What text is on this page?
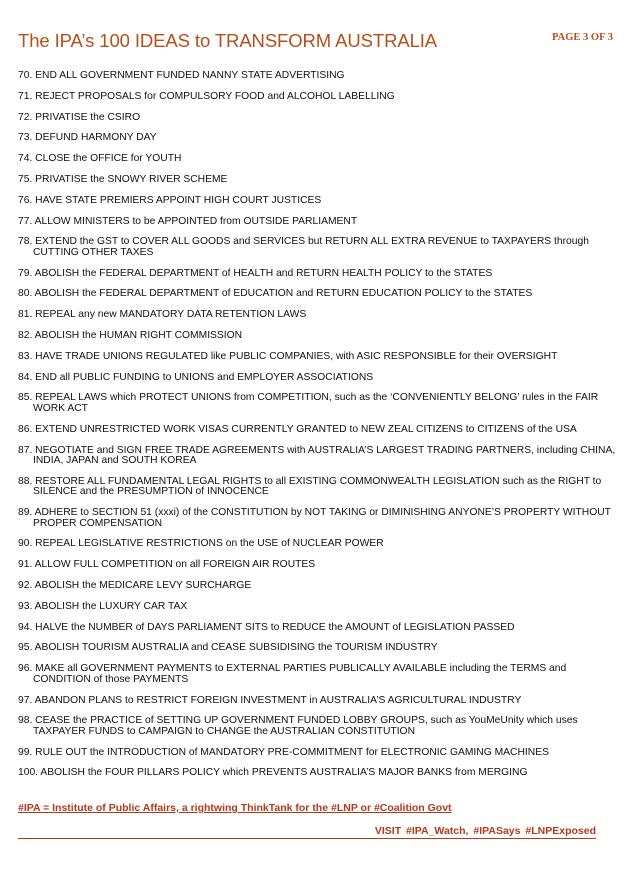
The IPA’s 100 IDEAS to TRANSFORM AUSTRALIA	PAGE 3 OF 3
70. END ALL GOVERNMENT FUNDED NANNY STATE ADVERTISING
71. REJECT PROPOSALS for COMPULSORY FOOD and ALCOHOL LABELLING
72. PRIVATISE the CSIRO
73. DEFUND HARMONY DAY
74. CLOSE the OFFICE for YOUTH
75. PRIVATISE the SNOWY RIVER SCHEME
76. HAVE STATE PREMIERS APPOINT HIGH COURT JUSTICES
77. ALLOW MINISTERS to be APPOINTED from OUTSIDE PARLIAMENT
78. EXTEND the GST to COVER ALL GOODS and SERVICES but RETURN ALL EXTRA REVENUE to TAXPAYERS through CUTTING OTHER TAXES
79. ABOLISH the FEDERAL DEPARTMENT of HEALTH and RETURN HEALTH POLICY to the STATES
80. ABOLISH the FEDERAL DEPARTMENT of EDUCATION and RETURN EDUCATION POLICY to the STATES
81. REPEAL any new MANDATORY DATA RETENTION LAWS
82. ABOLISH the HUMAN RIGHT COMMISSION
83. HAVE TRADE UNIONS REGULATED like PUBLIC COMPANIES, with ASIC RESPONSIBLE for their OVERSIGHT
84. END all PUBLIC FUNDING to UNIONS and EMPLOYER ASSOCIATIONS
85. REPEAL LAWS which PROTECT UNIONS from COMPETITION, such as the ‘CONVENIENTLY BELONG’ rules in the FAIR WORK ACT
86. EXTEND UNRESTRICTED WORK VISAS CURRENTLY GRANTED to NEW ZEAL CITIZENS to CITIZENS of the USA
87. NEGOTIATE and SIGN FREE TRADE AGREEMENTS with AUSTRALIA’S LARGEST TRADING PARTNERS, including CHINA, INDIA, JAPAN and SOUTH KOREA
88. RESTORE ALL FUNDAMENTAL LEGAL RIGHTS to all EXISTING COMMONWEALTH LEGISLATION such as the RIGHT to SILENCE and the PRESUMPTION of INNOCENCE
89. ADHERE to SECTION 51 (xxxi) of the CONSTITUTION by NOT TAKING or DIMINISHING ANYONE’S PROPERTY WITHOUT PROPER COMPENSATION
90. REPEAL LEGISLATIVE RESTRICTIONS on the USE of NUCLEAR POWER
91. ALLOW FULL COMPETITION on all FOREIGN AIR ROUTES
92. ABOLISH the MEDICARE LEVY SURCHARGE
93. ABOLISH the LUXURY CAR TAX
94. HALVE the NUMBER of DAYS PARLIAMENT SITS to REDUCE the AMOUNT of LEGISLATION PASSED
95. ABOLISH TOURISM AUSTRALIA and CEASE SUBSIDISING the TOURISM INDUSTRY
96. MAKE all GOVERNMENT PAYMENTS to EXTERNAL PARTIES PUBLICALLY AVAILABLE including the TERMS and CONDITION of those PAYMENTS
97. ABANDON PLANS to RESTRICT FOREIGN INVESTMENT in AUSTRALIA’S AGRICULTURAL INDUSTRY
98. CEASE the PRACTICE of SETTING UP GOVERNMENT FUNDED LOBBY GROUPS, such as YouMeUnity which uses TAXPAYER FUNDS to CAMPAIGN to CHANGE the AUSTRALIAN CONSTITUTION
99. RULE OUT the INTRODUCTION of MANDATORY PRE-COMMITMENT for ELECTRONIC GAMING MACHINES
100. ABOLISH the FOUR PILLARS POLICY which PREVENTS AUSTRALIA’S MAJOR BANKS from MERGING
#IPA = Institute of Public Affairs, a rightwing ThinkTank for the #LNP or #Coalition Govt
VISIT #IPA_Watch, #IPASays #LNPExposed
